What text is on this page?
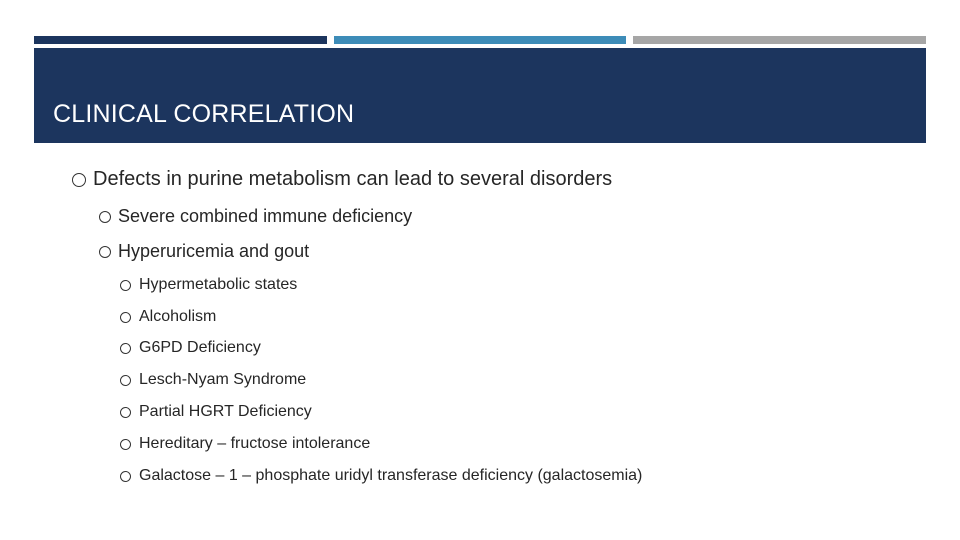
CLINICAL CORRELATION
Defects in purine metabolism can lead to several disorders
Severe combined immune deficiency
Hyperuricemia and gout
Hypermetabolic states
Alcoholism
G6PD Deficiency
Lesch-Nyam Syndrome
Partial HGRT Deficiency
Hereditary – fructose intolerance
Galactose – 1 – phosphate uridyl transferase deficiency (galactosemia)
